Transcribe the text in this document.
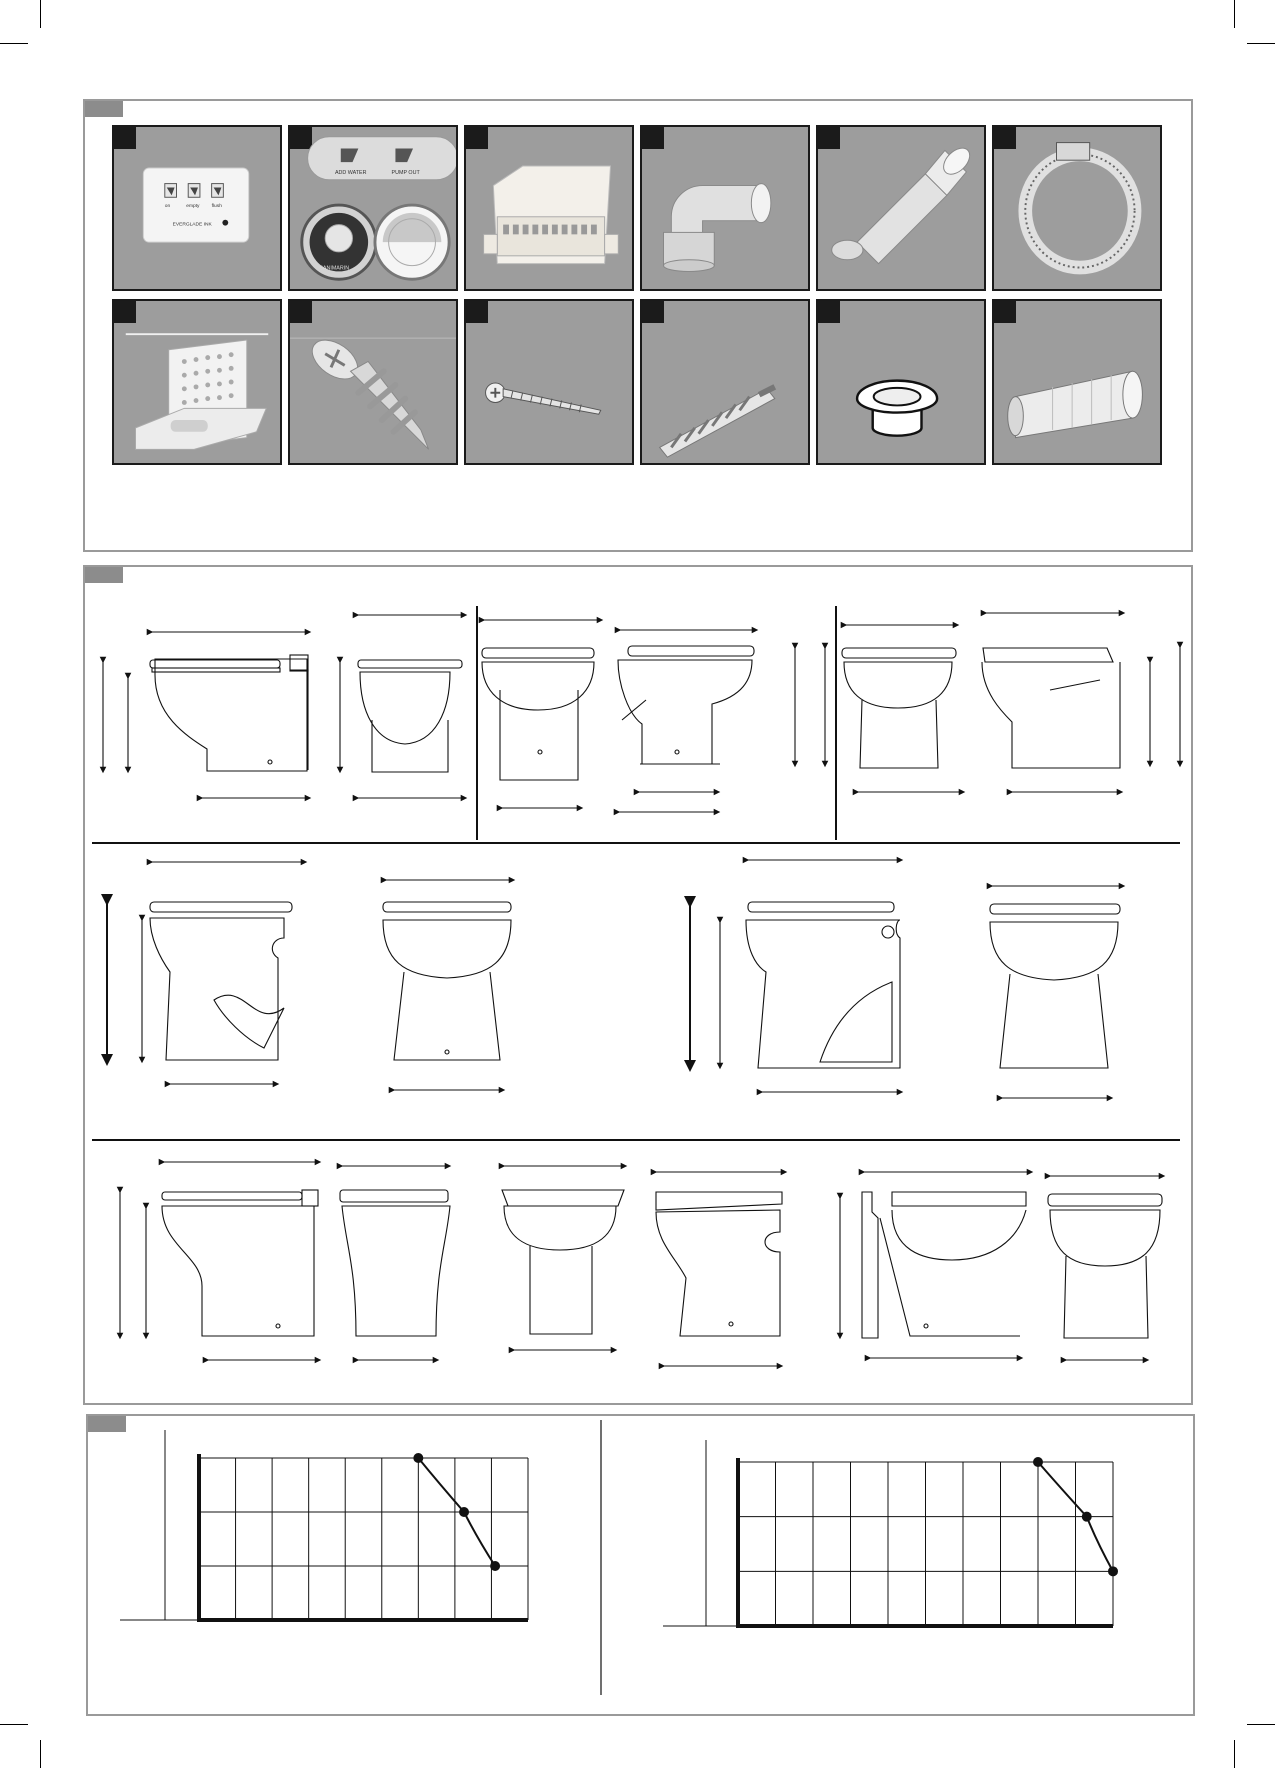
on	empty flush
EVERGLADE INK
ADD WATER	PUMP OUT
SANIMARIN
